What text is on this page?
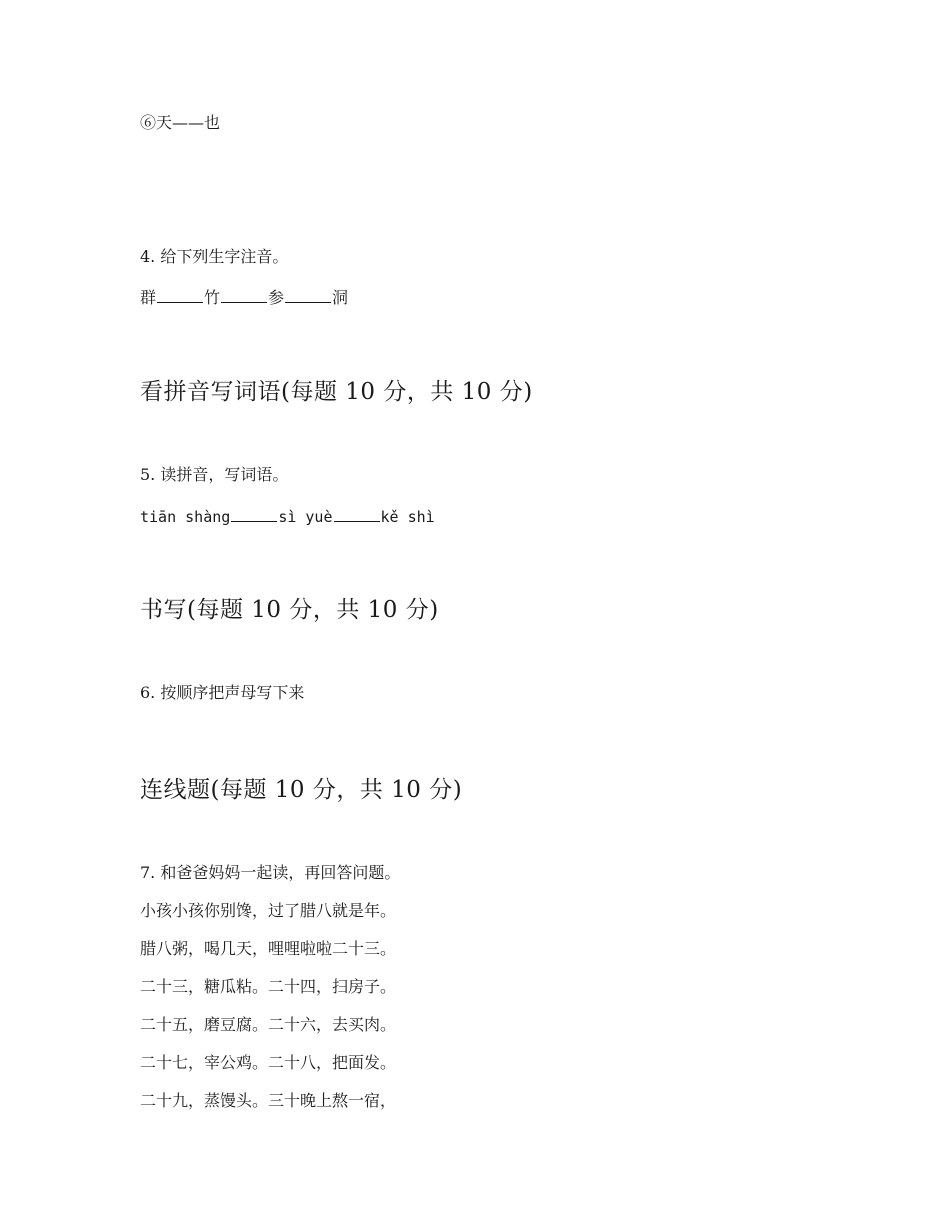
⑥天——也
4. 给下列生字注音。
群	竹	参	洞
看拼音写词语(每题 10 分，共 10 分)
5. 读拼音，写词语。
tiān shàng	sì yuè	kě shì
书写(每题 10 分，共 10 分)
6. 按顺序把声母写下来
连线题(每题 10 分，共 10 分)
7. 和爸爸妈妈一起读，再回答问题。
小孩小孩你别馋，过了腊八就是年。
腊八粥，喝几天，哩哩啦啦二十三。
二十三，糖瓜粘。二十四，扫房子。
二十五，磨豆腐。二十六，去买肉。
二十七，宰公鸡。二十八，把面发。
二十九，蒸馒头。三十晚上熬一宿，
